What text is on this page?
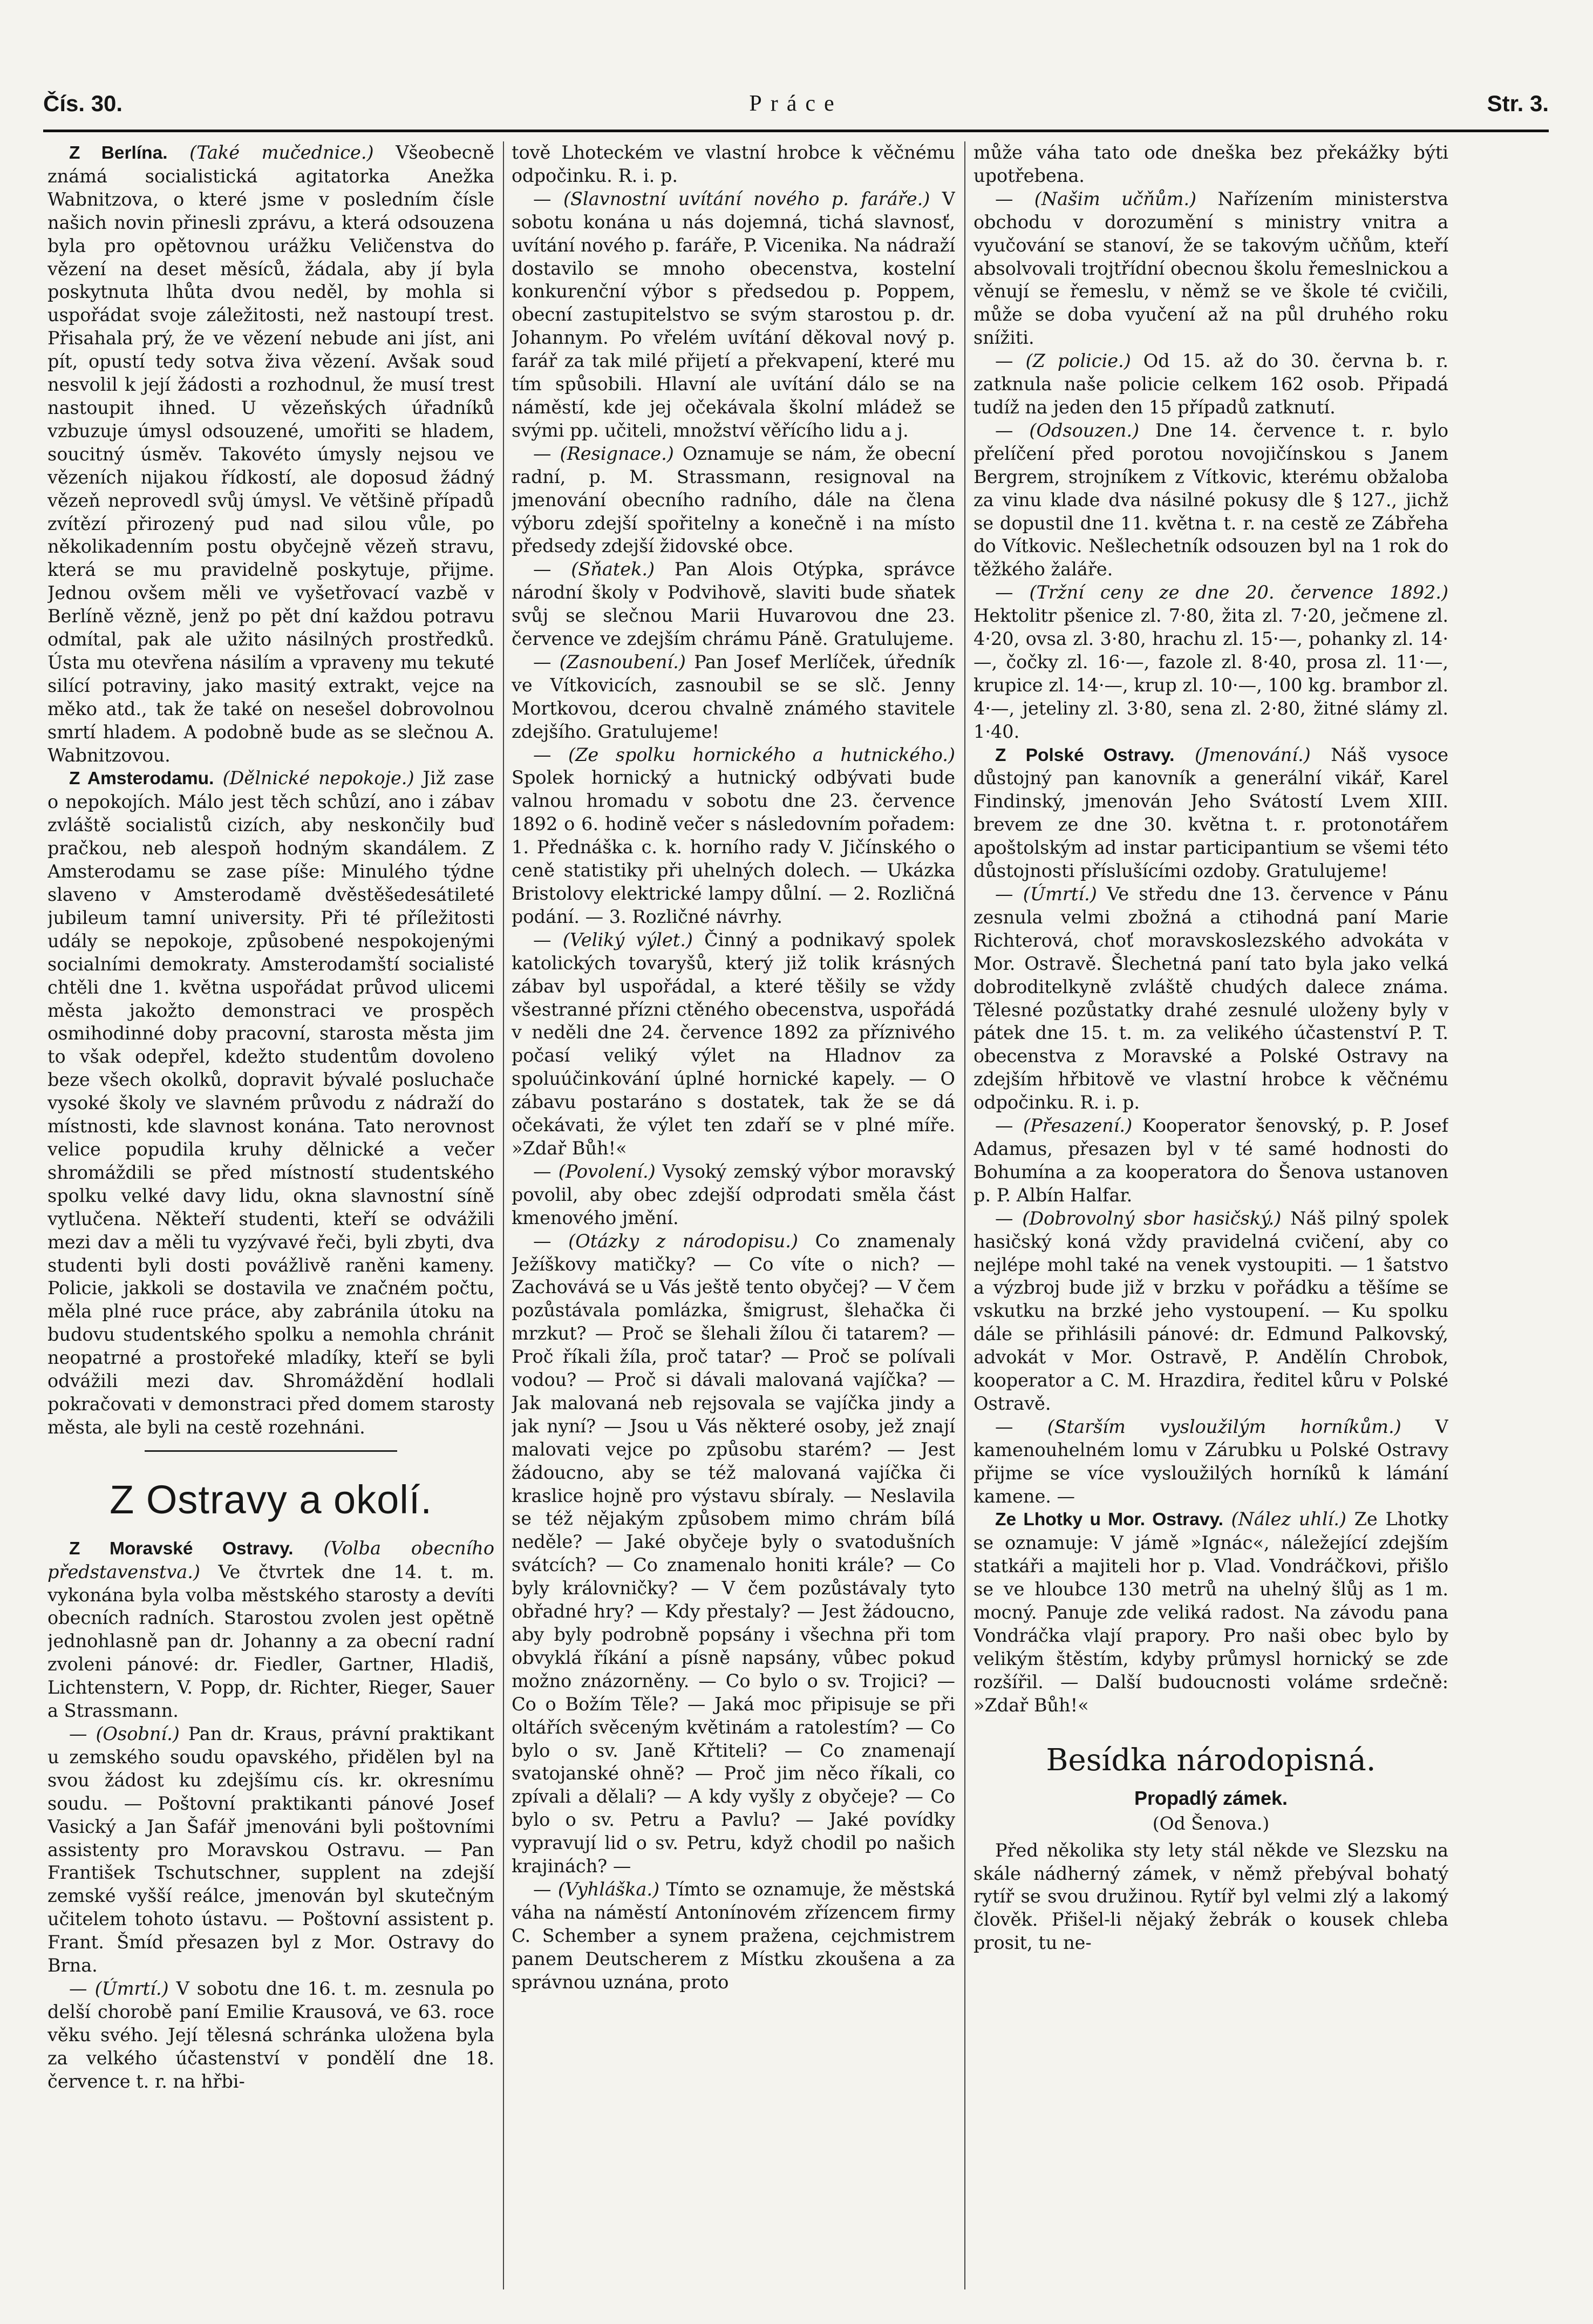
Čís. 30.	Práce	Str. 3.

Z Berlína. (Také mučednice.) Všeobecně známá socialistická agitatorka Anežka Wabnitzova, o které jsme v posledním čísle našich novin přinesli zprávu, a která odsouzena byla pro opětovnou urážku Veličenstva do vězení na deset měsíců, žádala, aby jí byla poskytnuta lhůta dvou neděl, by mohla si uspořádat svoje záležitosti, než nastoupí trest. Přisahala prý, že ve vězení nebude ani jíst, ani pít, opustí tedy sotva živa vězení. Avšak soud nesvolil k její žádosti a rozhodnul, že musí trest nastoupit ihned. U vězeňských úřadníků vzbuzuje úmysl odsouzené, umořiti se hladem, soucitný úsměv. Takovéto úmysly nejsou ve vězeních nijakou řídkostí, ale doposud žádný vězeň neprovedl svůj úmysl. Ve většině případů zvítězí přirozený pud nad silou vůle, po několikadenním postu obyčejně vězeň stravu, která se mu pravidelně poskytuje, přijme. Jednou ovšem měli ve vyšetřovací vazbě v Berlíně vězně, jenž po pět dní každou potravu odmítal, pak ale užito násilných prostředků. Ústa mu otevřena násilím a vpraveny mu tekuté silící potraviny, jako masitý extrakt, vejce na měko atd., tak že také on nesešel dobrovolnou smrtí hladem. A podobně bude as se slečnou A. Wabnitzovou.

Z Amsterodamu. (Dělnické nepokoje.) Již zase o nepokojích. Málo jest těch schůzí, ano i zábav zvláště socialistů cizích, aby neskončily buď pračkou, neb alespoň hodným skandálem. Z Amsterodamu se zase píše: Minulého týdne slaveno v Amsterodamě dvěstěšedesátileté jubileum tamní university. Při té příležitosti udály se nepokoje, způsobené nespokojenými socialními demokraty. Amsterodamští socialisté chtěli dne 1. května uspořádat průvod ulicemi města jakožto demonstraci ve prospěch osmihodinné doby pracovní, starosta města jim to však odepřel, kdežto studentům dovoleno beze všech okolků, dopravit bývalé posluchače vysoké školy ve slavném průvodu z nádraží do místnosti, kde slavnost konána. Tato nerovnost velice popudila kruhy dělnické a večer shromáždili se před místností studentského spolku velké davy lidu, okna slavnostní síně vytlučena. Někteří studenti, kteří se odvážili mezi dav a měli tu vyzývavé řeči, byli zbyti, dva studenti byli dosti povážlivě raněni kameny. Policie, jakkoli se dostavila ve značném počtu, měla plné ruce práce, aby zabránila útoku na budovu studentského spolku a nemohla chránit neopatrné a prostořeké mladíky, kteří se byli odvážili mezi dav. Shromáždění hodlali pokračovati v demonstraci před domem starosty města, ale byli na cestě rozehnáni.

Z Ostravy a okolí.

Z Moravské Ostravy. (Volba obecního představenstva.) Ve čtvrtek dne 14. t. m. vykonána byla volba městského starosty a devíti obecních radních. Starostou zvolen jest opětně jednohlasně pan dr. Johanny a za obecní radní zvoleni pánové: dr. Fiedler, Gartner, Hladiš, Lichtenstern, V. Popp, dr. Richter, Rieger, Sauer a Strassmann.

— (Osobní.) Pan dr. Kraus, právní praktikant u zemského soudu opavského, přidělen byl na svou žádost ku zdejšímu cís. kr. okresnímu soudu. — Poštovní praktikanti pánové Josef Vasický a Jan Šafář jmenováni byli poštovními assistenty pro Moravskou Ostravu. — Pan František Tschutschner, supplent na zdejší zemské vyšší reálce, jmenován byl skutečným učitelem tohoto ústavu. — Poštovní assistent p. Frant. Šmíd přesazen byl z Mor. Ostravy do Brna.

— (Úmrtí.) V sobotu dne 16. t. m. zesnula po delší chorobě paní Emilie Krausová, ve 63. roce věku svého. Její tělesná schránka uložena byla za velkého účastenství v pondělí dne 18. července t. r. na hřbi-

tově Lhoteckém ve vlastní hrobce k věčnému odpočinku. R. i. p.

— (Slavnostní uvítání nového p. faráře.) V sobotu konána u nás dojemná, tichá slavnosť, uvítání nového p. faráře, P. Vicenika. Na nádraží dostavilo se mnoho obecenstva, kostelní konkurenční výbor s předsedou p. Poppem, obecní zastupitelstvo se svým starostou p. dr. Johannym. Po vřelém uvítání děkoval nový p. farář za tak milé přijetí a překvapení, které mu tím spůsobili. Hlavní ale uvítání dálo se na náměstí, kde jej očekávala školní mládež se svými pp. učiteli, množství věřícího lidu a j.

— (Resignace.) Oznamuje se nám, že obecní radní, p. M. Strassmann, resignoval na jmenování obecního radního, dále na člena výboru zdejší spořitelny a konečně i na místo předsedy zdejší židovské obce.

— (Sňatek.) Pan Alois Otýpka, správce národní školy v Podvihově, slaviti bude sňatek svůj se slečnou Marii Huvarovou dne 23. července ve zdejším chrámu Páně. Gratulujeme.

— (Zasnoubení.) Pan Josef Merlíček, úředník ve Vítkovicích, zasnoubil se se slč. Jenny Mortkovou, dcerou chvalně známého stavitele zdejšího. Gratulujeme!

— (Ze spolku hornického a hutnického.) Spolek hornický a hutnický odbývati bude valnou hromadu v sobotu dne 23. července 1892 o 6. hodině večer s následovním pořadem: 1. Přednáška c. k. horního rady V. Jičínského o ceně statistiky při uhelných dolech. — Ukázka Bristolovy elektrické lampy důlní. — 2. Rozličná podání. — 3. Rozličné návrhy.

— (Veliký výlet.) Činný a podnikavý spolek katolických tovaryšů, který již tolik krásných zábav byl uspořádal, a které těšily se vždy všestranné přízni ctěného obecenstva, uspořádá v neděli dne 24. července 1892 za příznivého počasí veliký výlet na Hladnov za spoluúčinkování úplné hornické kapely. — O zábavu postaráno s dostatek, tak že se dá očekávati, že výlet ten zdaří se v plné míře. »Zdař Bůh!«

— (Povolení.) Vysoký zemský výbor moravský povolil, aby obec zdejší odprodati směla část kmenového jmění.

— (Otázky z národopisu.) Co znamenaly Ježíškovy matičky? — Co víte o nich? — Zachovává se u Vás ještě tento obyčej? — V čem pozůstávala pomlázka, šmigrust, šlehačka či mrzkut? — Proč se šlehali žílou či tatarem? — Proč říkali žíla, proč tatar? — Proč se polívali vodou? — Proč si dávali malovaná vajíčka? — Jak malovaná neb rejsovala se vajíčka jindy a jak nyní? — Jsou u Vás některé osoby, jež znají malovati vejce po způsobu starém? — Jest žádoucno, aby se též malovaná vajíčka či kraslice hojně pro výstavu sbíraly. — Neslavila se též nějakým způsobem mimo chrám bílá neděle? — Jaké obyčeje byly o svatodušních svátcích? — Co znamenalo honiti krále? — Co byly královničky? — V čem pozůstávaly tyto obřadné hry? — Kdy přestaly? — Jest žádoucno, aby byly podrobně popsány i všechna při tom obvyklá říkání a písně napsány, vůbec pokud možno znázorněny. — Co bylo o sv. Trojici? — Co o Božím Těle? — Jaká moc připisuje se při oltářích svěceným květinám a ratolestím? — Co bylo o sv. Janě Křtiteli? — Co znamenají svatojanské ohně? — Proč jim něco říkali, co zpívali a dělali? — A kdy vyšly z obyčeje? — Co bylo o sv. Petru a Pavlu? — Jaké povídky vypravují lid o sv. Petru, když chodil po našich krajinách? —

— (Vyhláška.) Tímto se oznamuje, že městská váha na náměstí Antonínovém zřízencem firmy C. Schember a synem pražena, cejchmistrem panem Deutscherem z Místku zkoušena a za správnou uznána, proto

může váha tato ode dneška bez překážky býti upotřebena.

— (Našim učňům.) Nařízením ministerstva obchodu v dorozumění s ministry vnitra a vyučování se stanoví, že se takovým učňům, kteří absolvovali trojtřídní obecnou školu řemeslnickou a věnují se řemeslu, v němž se ve škole té cvičili, může se doba vyučení až na půl druhého roku snížiti.

— (Z policie.) Od 15. až do 30. června b. r. zatknula naše policie celkem 162 osob. Připadá tudíž na jeden den 15 případů zatknutí.

— (Odsouzen.) Dne 14. července t. r. bylo přelíčení před porotou novojičínskou s Janem Bergrem, strojníkem z Vítkovic, kterému obžaloba za vinu klade dva násilné pokusy dle § 127., jichž se dopustil dne 11. května t. r. na cestě ze Zábřeha do Vítkovic. Nešlechetník odsouzen byl na 1 rok do těžkého žaláře.

— (Tržní ceny ze dne 20. července 1892.) Hektolitr pšenice zl. 7·80, žita zl. 7·20, ječmene zl. 4·20, ovsa zl. 3·80, hrachu zl. 15·—, pohanky zl. 14·—, čočky zl. 16·—, fazole zl. 8·40, prosa zl. 11·—, krupice zl. 14·—, krup zl. 10·—, 100 kg. brambor zl. 4·—, jeteliny zl. 3·80, sena zl. 2·80, žitné slámy zl. 1·40.

Z Polské Ostravy. (Jmenování.) Náš vysoce důstojný pan kanovník a generální vikář, Karel Findinský, jmenován Jeho Svátostí Lvem XIII. brevem ze dne 30. května t. r. protonotářem apoštolským ad instar participantium se všemi této důstojnosti příslušícími ozdoby. Gratulujeme!

— (Úmrtí.) Ve středu dne 13. července v Pánu zesnula velmi zbožná a ctihodná paní Marie Richterová, choť moravskoslezského advokáta v Mor. Ostravě. Šlechetná paní tato byla jako velká dobroditelkyně zvláště chudých dalece známa. Tělesné pozůstatky drahé zesnulé uloženy byly v pátek dne 15. t. m. za velikého účastenství P. T. obecenstva z Moravské a Polské Ostravy na zdejším hřbitově ve vlastní hrobce k věčnému odpočinku. R. i. p.

— (Přesazení.) Kooperator šenovský, p. P. Josef Adamus, přesazen byl v té samé hodnosti do Bohumína a za kooperatora do Šenova ustanoven p. P. Albín Halfar.

— (Dobrovolný sbor hasičský.) Náš pilný spolek hasičský koná vždy pravidelná cvičení, aby co nejlépe mohl také na venek vystoupiti. — 1 šatstvo a výzbroj bude již v brzku v pořádku a těšíme se vskutku na brzké jeho vystoupení. — Ku spolku dále se přihlásili pánové: dr. Edmund Palkovský, advokát v Mor. Ostravě, P. Andělín Chrobok, kooperator a C. M. Hrazdira, ředitel kůru v Polské Ostravě.

— (Starším vysloužilým horníkům.) V kamenouhelném lomu v Zárubku u Polské Ostravy přijme se více vysloužilých horníků k lámání kamene. —

Ze Lhotky u Mor. Ostravy. (Nález uhlí.) Ze Lhotky se oznamuje: V jámě »Ignác«, náležející zdejším statkáři a majiteli hor p. Vlad. Vondráčkovi, přišlo se ve hloubce 130 metrů na uhelný šlůj as 1 m. mocný. Panuje zde veliká radost. Na závodu pana Vondráčka vlají prapory. Pro naši obec bylo by velikým štěstím, kdyby průmysl hornický se zde rozšířil. — Další budoucnosti voláme srdečně: »Zdař Bůh!«

Besídka národopisná.
Propadlý zámek.
(Od Šenova.)

Před několika sty lety stál někde ve Slezsku na skále nádherný zámek, v němž přebýval bohatý rytíř se svou družinou. Rytíř byl velmi zlý a lakomý člověk. Přišel-li nějaký žebrák o kousek chleba prosit, tu ne-
